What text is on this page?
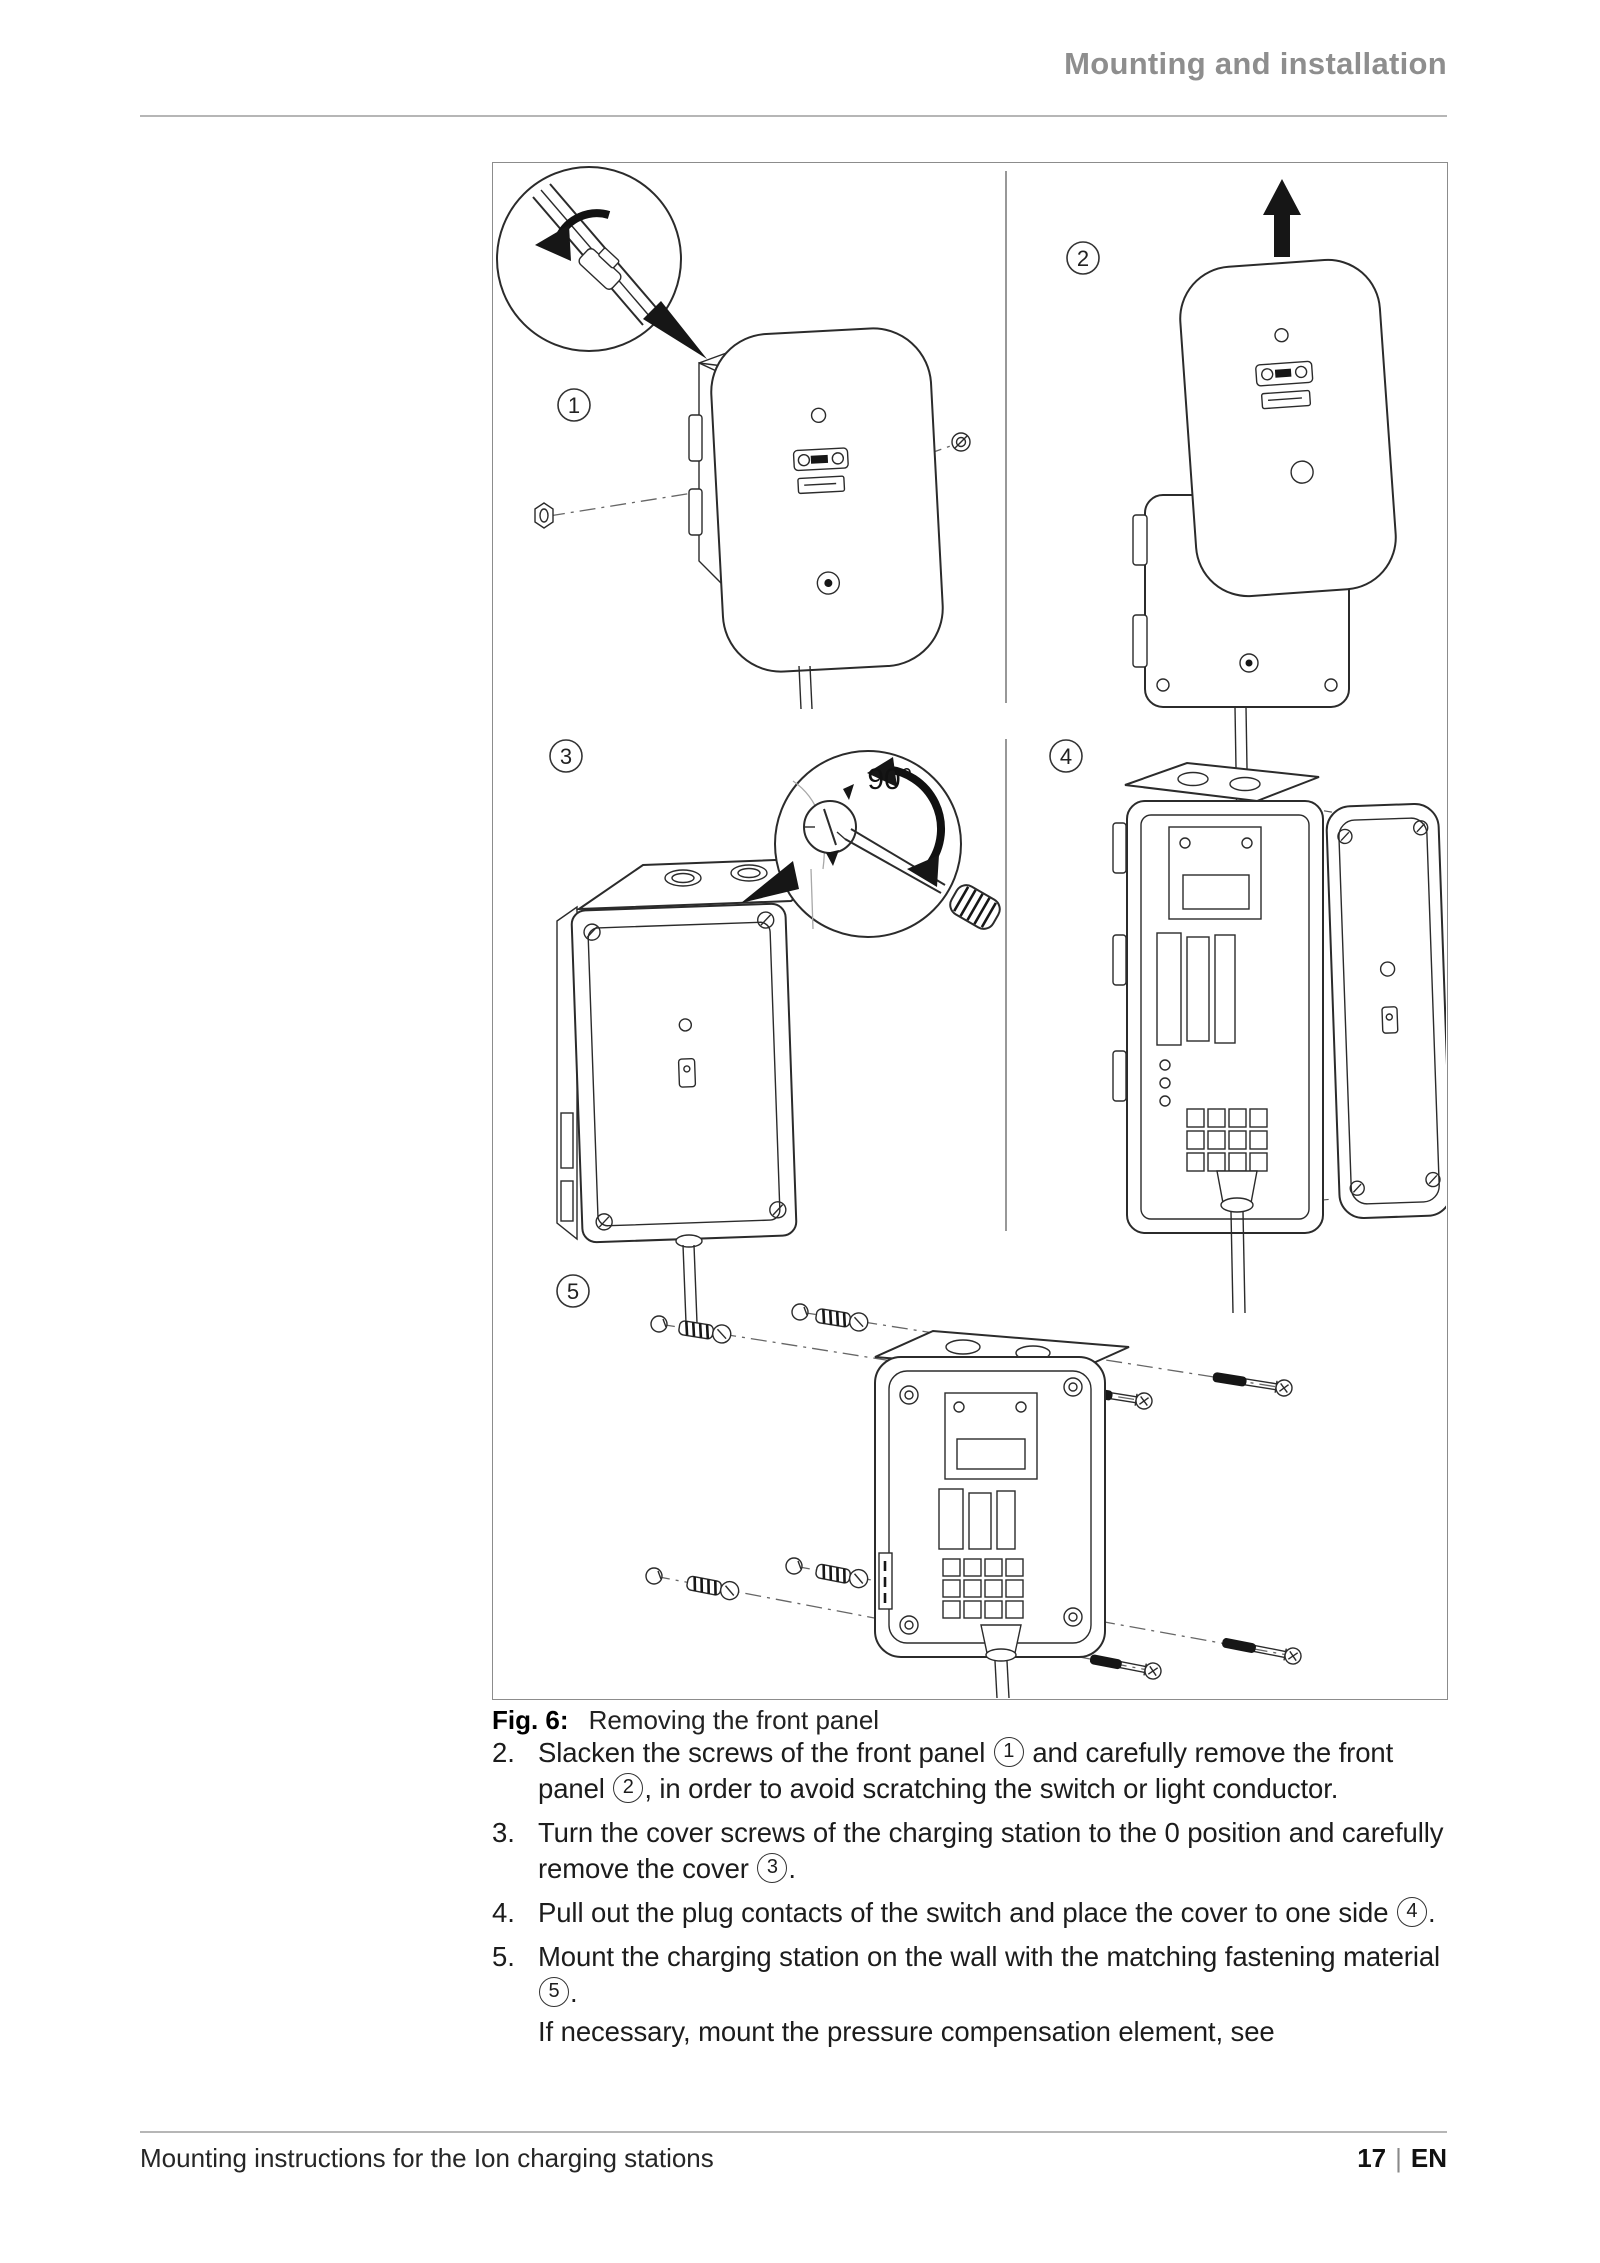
Mounting and installation
1
2
90°
3	4
5
Fig. 6: Removing the front panel
2. Slacken the screws of the front panel 1 and carefully remove the front panel 2 , in order to avoid scratching the switch or light conductor.
3. Turn the cover screws of the charging station to the 0 position and carefully remove the cover 3 .
4. Pull out the plug contacts of the switch and place the cover to one side 4 .
5. Mount the charging station on the wall with the matching fastening material 5 .
If necessary, mount the pressure compensation element, see
Mounting instructions for the Ion charging stations	17 | EN
